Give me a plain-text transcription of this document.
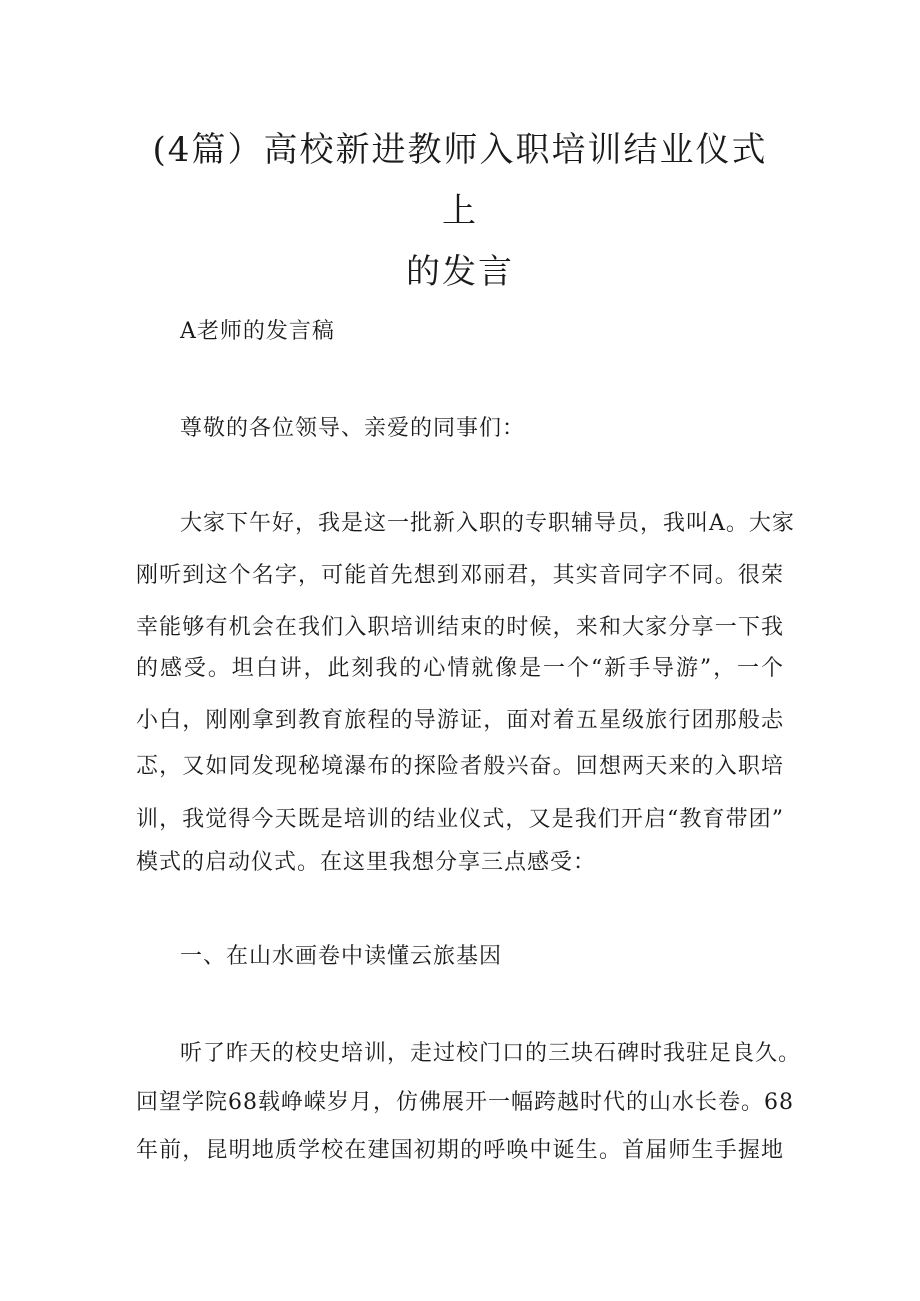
(4篇）高校新进教师入职培训结业仪式上
的发言
A老师的发言稿
尊敬的各位领导、亲爱的同事们：
大家下午好，我是这一批新入职的专职辅导员，我叫A。大家
刚听到这个名字，可能首先想到邓丽君，其实音同字不同。很荣
幸能够有机会在我们入职培训结束的时候，来和大家分享一下我
的感受。坦白讲，此刻我的心情就像是一个“新手导游”，一个
小白，刚刚拿到教育旅程的导游证，面对着五星级旅行团那般忐
忑，又如同发现秘境瀑布的探险者般兴奋。回想两天来的入职培
训，我觉得今天既是培训的结业仪式，又是我们开启“教育带团”
模式的启动仪式。在这里我想分享三点感受：
一、在山水画卷中读懂云旅基因
听了昨天的校史培训，走过校门口的三块石碑时我驻足良久。
回望学院68载峥嵘岁月，仿佛展开一幅跨越时代的山水长卷。68
年前，昆明地质学校在建国初期的呼唤中诞生。首届师生手握地
